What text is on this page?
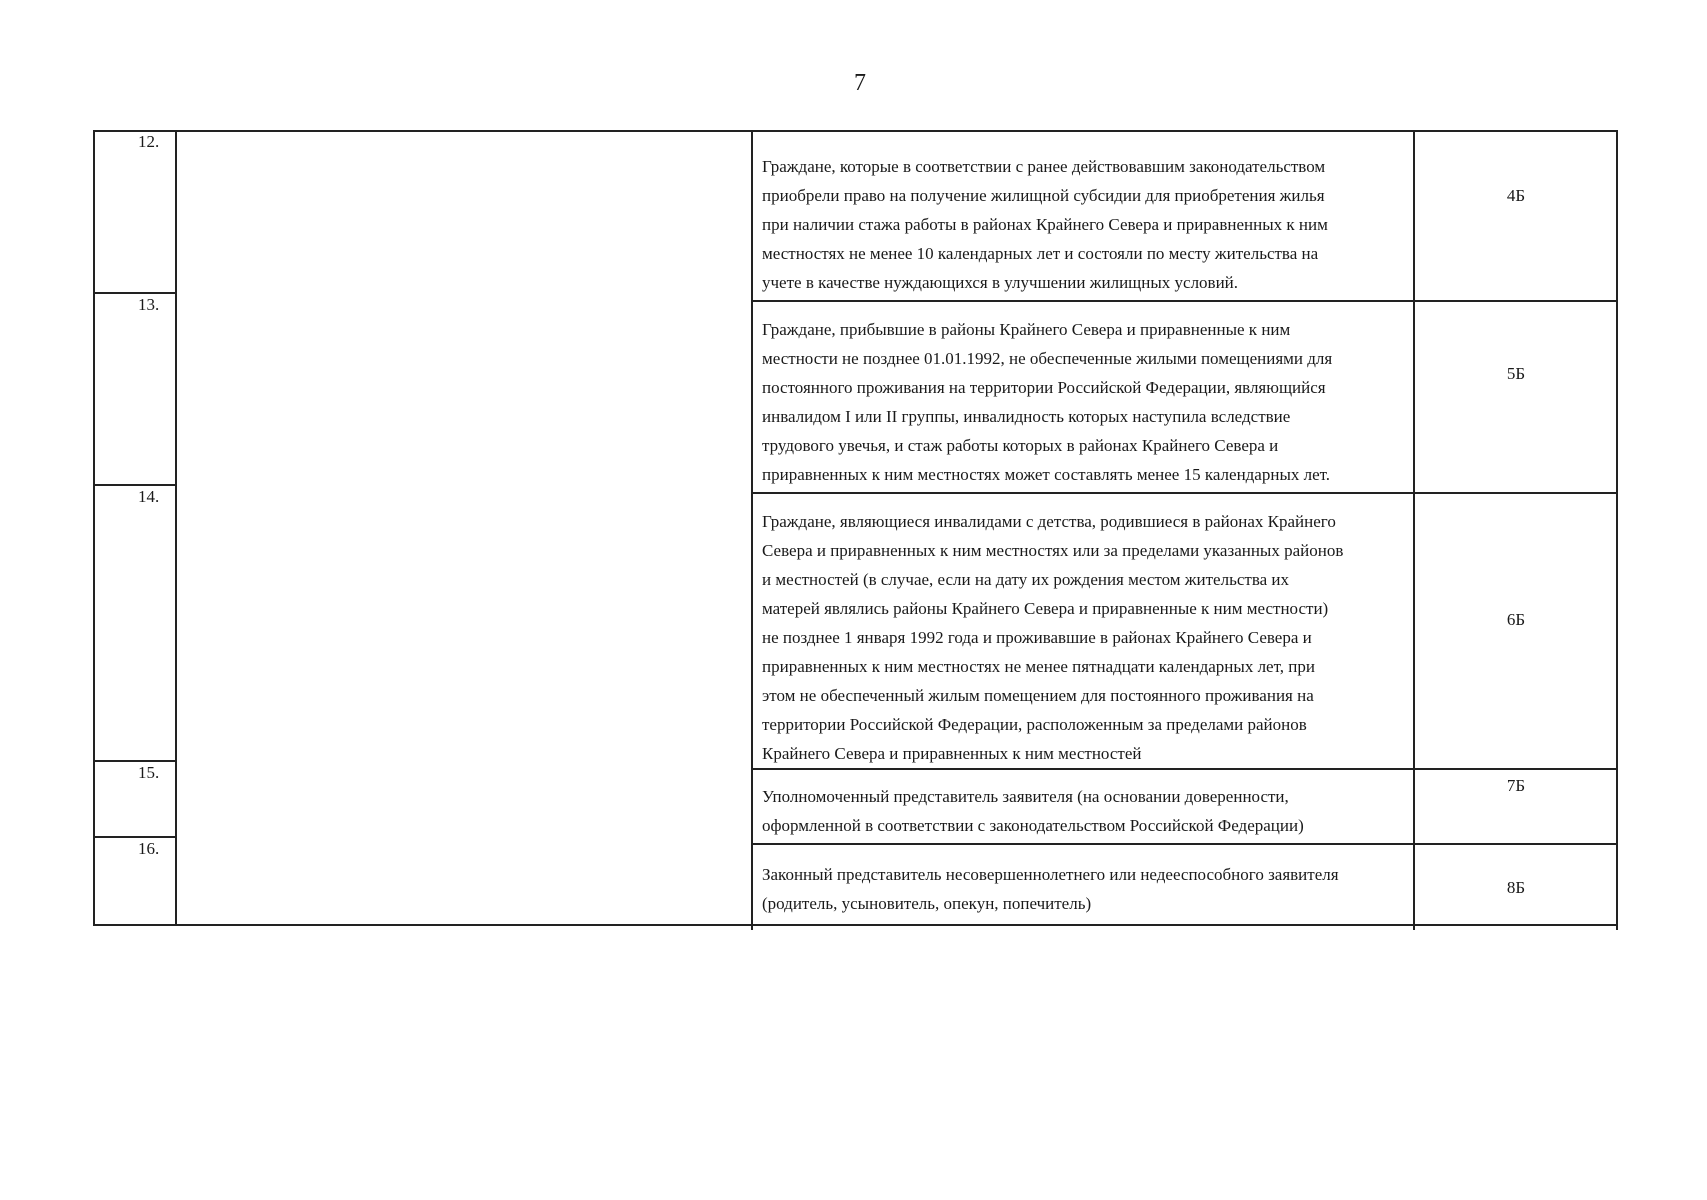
7
12.
Граждане, которые в соответствии с ранее действовавшим законодательством
приобрели право на получение жилищной субсидии для приобретения жилья
при наличии стажа работы в районах Крайнего Севера и приравненных к ним
местностях не менее 10 календарных лет и состояли по месту жительства на
учете в качестве нуждающихся в улучшении жилищных условий.
4Б
13.
Граждане, прибывшие в районы Крайнего Севера и приравненные к ним
местности не позднее 01.01.1992, не обеспеченные жилыми помещениями для
постоянного проживания на территории Российской Федерации, являющийся
инвалидом I или II группы, инвалидность которых наступила вследствие
трудового увечья, и стаж работы которых в районах Крайнего Севера и
приравненных к ним местностях может составлять менее 15 календарных лет.
5Б
14.
Граждане, являющиеся инвалидами с детства, родившиеся в районах Крайнего
Севера и приравненных к ним местностях или за пределами указанных районов
и местностей (в случае, если на дату их рождения местом жительства их
матерей являлись районы Крайнего Севера и приравненные к ним местности)
не позднее 1 января 1992 года и проживавшие в районах Крайнего Севера и
приравненных к ним местностях не менее пятнадцати календарных лет, при
этом не обеспеченный жилым помещением для постоянного проживания на
территории Российской Федерации, расположенным за пределами районов
Крайнего Севера и приравненных к ним местностей
6Б
15.
Уполномоченный представитель заявителя (на основании доверенности,
оформленной в соответствии с законодательством Российской Федерации)
7Б
16.
Законный представитель несовершеннолетнего или недееспособного заявителя
(родитель, усыновитель, опекун, попечитель)
8Б
